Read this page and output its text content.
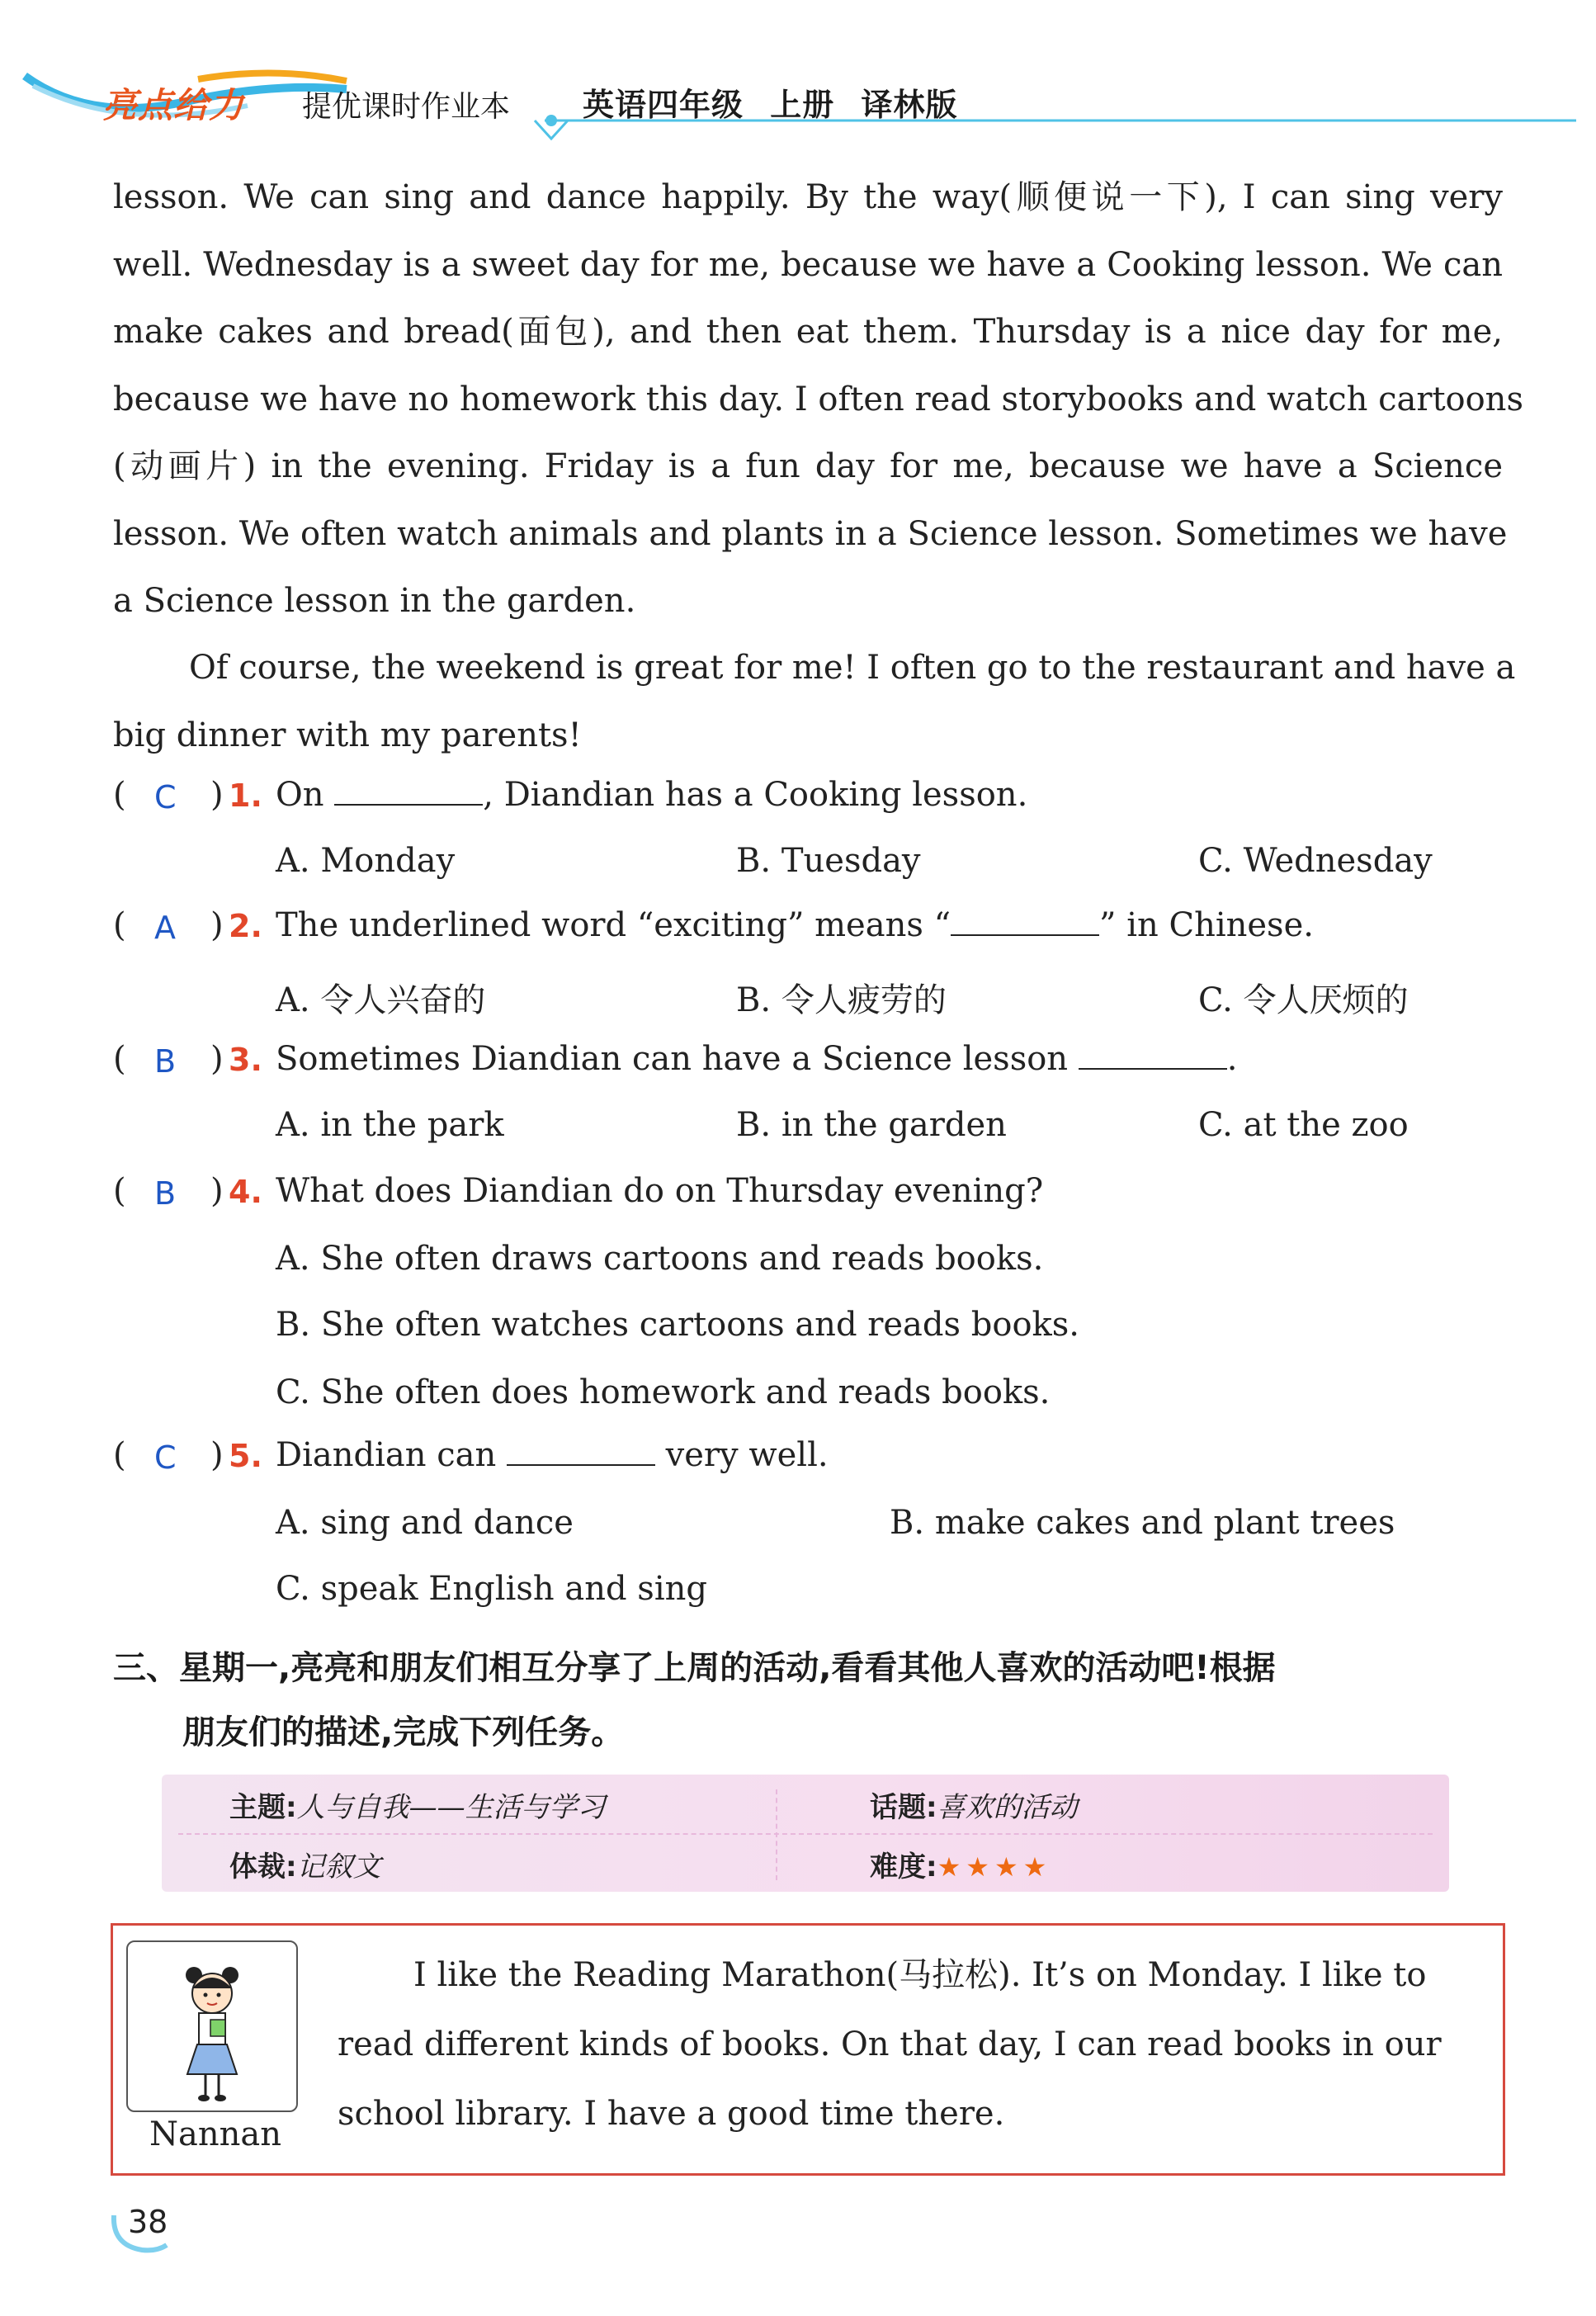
亮点给力 提优课时作业本 英语四年级 上册 译林版
lesson. We can sing and dance happily. By the way(顺便说一下), I can sing very
well. Wednesday is a sweet day for me, because we have a Cooking lesson. We can
make cakes and bread(面包), and then eat them. Thursday is a nice day for me,
because we have no homework this day. I often read storybooks and watch cartoons
(动画片) in the evening. Friday is a fun day for me, because we have a Science
lesson. We often watch animals and plants in a Science lesson. Sometimes we have
a Science lesson in the garden.
Of course, the weekend is great for me! I often go to the restaurant and have a
big dinner with my parents!
( C ) 1. On	, Diandian has a Cooking lesson.
A. Monday	B. Tuesday	C. Wednesday
( A ) 2. The underlined word “exciting” means “	” in Chinese.
A. 令人兴奋的	B. 令人疲劳的	C. 令人厌烦的
( B ) 3. Sometimes Diandian can have a Science lesson	.
A. in the park	B. in the garden	C. at the zoo
( B ) 4. What does Diandian do on Thursday evening?
A. She often draws cartoons and reads books.
B. She often watches cartoons and reads books.
C. She often does homework and reads books.
( C ) 5. Diandian can	very well.
A. sing and dance	B. make cakes and plant trees
C. speak English and sing
三、星期一,亮亮和朋友们相互分享了上周的活动,看看其他人喜欢的活动吧!根据
朋友们的描述,完成下列任务。
主题:人与自我——生活与学习	话题:喜欢的活动
体裁:记叙文	难度:★★★★
Nannan
I like the Reading Marathon(马拉松). It’s on Monday. I like to
read different kinds of books. On that day, I can read books in our
school library. I have a good time there.
38
